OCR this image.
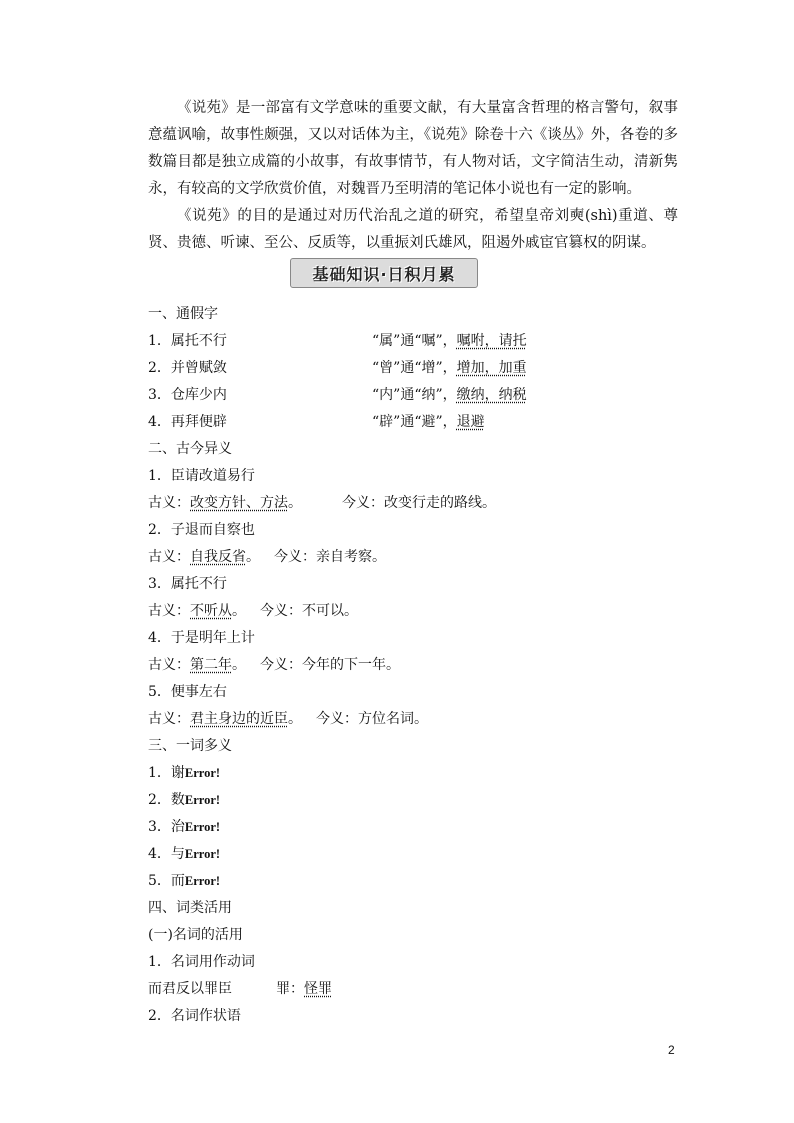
《说苑》是一部富有文学意味的重要文献，有大量富含哲理的格言警句，叙事意蕴讽喻，故事性颇强，又以对话体为主，《说苑》除卷十六《谈丛》外，各卷的多数篇目都是独立成篇的小故事，有故事情节，有人物对话，文字简洁生动，清新隽永，有较高的文学欣赏价值，对魏晋乃至明清的笔记体小说也有一定的影响。

《说苑》的目的是通过对历代治乱之道的研究，希望皇帝刘奭(shì)重道、尊贤、贵德、听谏、至公、反质等，以重振刘氏雄风，阻遏外戚宦官篡权的阴谋。

基础知识·日积月累
一、通假字
1．属托不行	“属”通“嘱”，嘱咐，请托
2．并曾赋敛	“曾”通“增”，增加，加重
3．仓库少内	“内”通“纳”，缴纳，纳税
4．再拜便辟	“辟”通“避”，退避
二、古今异义
1．臣请改道易行
古义：改变方针、方法。	今义：改变行走的路线。
2．子退而自察也
古义：自我反省。 今义：亲自考察。
3．属托不行
古义：不听从。 今义：不可以。
4．于是明年上计
古义：第二年。 今义：今年的下一年。
5．便事左右
古义：君主身边的近臣。 今义：方位名词。
三、一词多义
1．谢Error!
2．数Error!
3．治Error!
4．与Error!
5．而Error!
四、词类活用
(一)名词的活用
1．名词用作动词
而君反以罪臣	罪：怪罪
2．名词作状语
2
